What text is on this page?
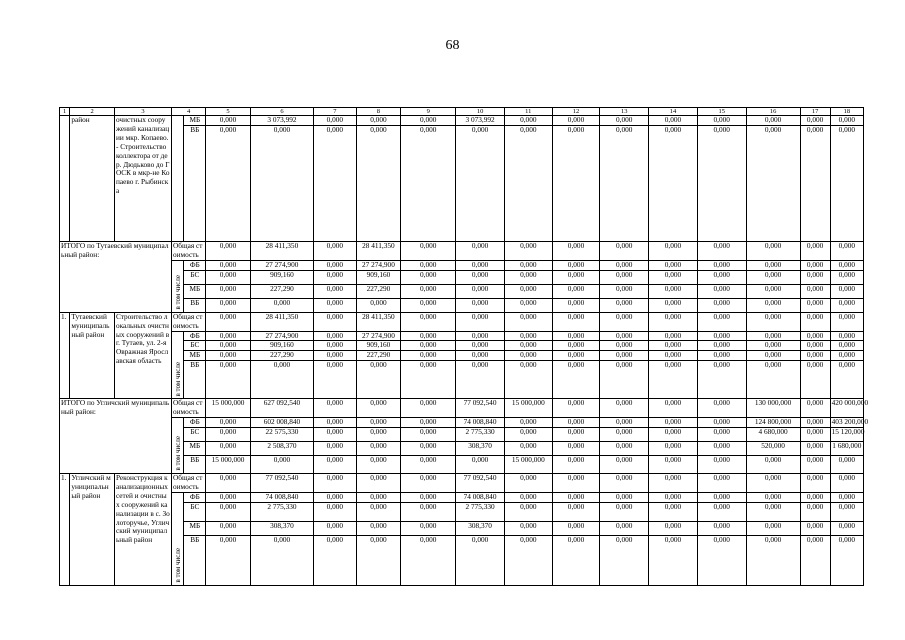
68
1	2	3	4		5	6	7	8	9	10	11	12	13	14	15	16	17	18
	район	очистных сооружений канализации мкр. Копаево. - Строительство коллектора от дер. Дюдьково до ГОСК в мкр-не Копаево г. Рыбинска		МБ	0,000	3 073,992	0,000	0,000	0,000	3 073,992	0,000	0,000	0,000	0,000	0,000	0,000	0,000	0,000
				ВБ	0,000	0,000	0,000	0,000	0,000	0,000	0,000	0,000	0,000	0,000	0,000	0,000	0,000	0,000
ИТОГО по Тутаевский муниципальный район:			Общая стоимость		0,000	28 411,350	0,000	28 411,350	0,000	0,000	0,000	0,000	0,000	0,000	0,000	0,000	0,000	0,000

			в том числе	ФБ	0,000	27 274,900	0,000	27 274,900	0,000	0,000	0,000	0,000	0,000	0,000	0,000	0,000	0,000	0,000
				БС	0,000	909,160	0,000	909,160	0,000	0,000	0,000	0,000	0,000	0,000	0,000	0,000	0,000	0,000
				МБ	0,000	227,290	0,000	227,290	0,000	0,000	0,000	0,000	0,000	0,000	0,000	0,000	0,000	0,000
				ВБ	0,000	0,000	0,000	0,000	0,000	0,000	0,000	0,000	0,000	0,000	0,000	0,000	0,000	0,000
1.	Тутаевский муниципальный район	Строительство локальных очистных сооружений в г. Тутаев, ул. 2-я Овражная Ярославская область	Общая стоимость		0,000	28 411,350	0,000	28 411,350	0,000	0,000	0,000	0,000	0,000	0,000	0,000	0,000	0,000	0,000

			в том числе	ФБ	0,000	27 274,900	0,000	27 274,900	0,000	0,000	0,000	0,000	0,000	0,000	0,000	0,000	0,000	0,000
				БС	0,000	909,160	0,000	909,160	0,000	0,000	0,000	0,000	0,000	0,000	0,000	0,000	0,000	0,000
				МБ	0,000	227,290	0,000	227,290	0,000	0,000	0,000	0,000	0,000	0,000	0,000	0,000	0,000	0,000
				ВБ	0,000	0,000	0,000	0,000	0,000	0,000	0,000	0,000	0,000	0,000	0,000	0,000	0,000	0,000
ИТОГО по Угличский муниципальный район:			Общая стоимость		15 000,000	627 092,540	0,000	0,000	0,000	77 092,540	15 000,000	0,000	0,000	0,000	0,000	130 000,000	0,000	420 000,000

			в том числе	ФБ	0,000	602 008,840	0,000	0,000	0,000	74 008,840	0,000	0,000	0,000	0,000	0,000	124 800,000	0,000	403 200,000
				БС	0,000	22 575,330	0,000	0,000	0,000	2 775,330	0,000	0,000	0,000	0,000	0,000	4 680,000	0,000	15 120,000
				МБ	0,000	2 508,370	0,000	0,000	0,000	308,370	0,000	0,000	0,000	0,000	0,000	520,000	0,000	1 680,000
				ВБ	15 000,000	0,000	0,000	0,000	0,000	0,000	15 000,000	0,000	0,000	0,000	0,000	0,000	0,000	0,000
1.	Угличский муниципальный район	Реконструкция канализационных сетей и очистных сооружений канализации в с. Золоторучье, Угличский муниципальный район	Общая стоимость		0,000	77 092,540	0,000	0,000	0,000	77 092,540	0,000	0,000	0,000	0,000	0,000	0,000	0,000	0,000

			в том числе	ФБ	0,000	74 008,840	0,000	0,000	0,000	74 008,840	0,000	0,000	0,000	0,000	0,000	0,000	0,000	0,000
				БС	0,000	2 775,330	0,000	0,000	0,000	2 775,330	0,000	0,000	0,000	0,000	0,000	0,000	0,000	0,000
				МБ	0,000	308,370	0,000	0,000	0,000	308,370	0,000	0,000	0,000	0,000	0,000	0,000	0,000	0,000
				ВБ	0,000	0,000	0,000	0,000	0,000	0,000	0,000	0,000	0,000	0,000	0,000	0,000	0,000	0,000
